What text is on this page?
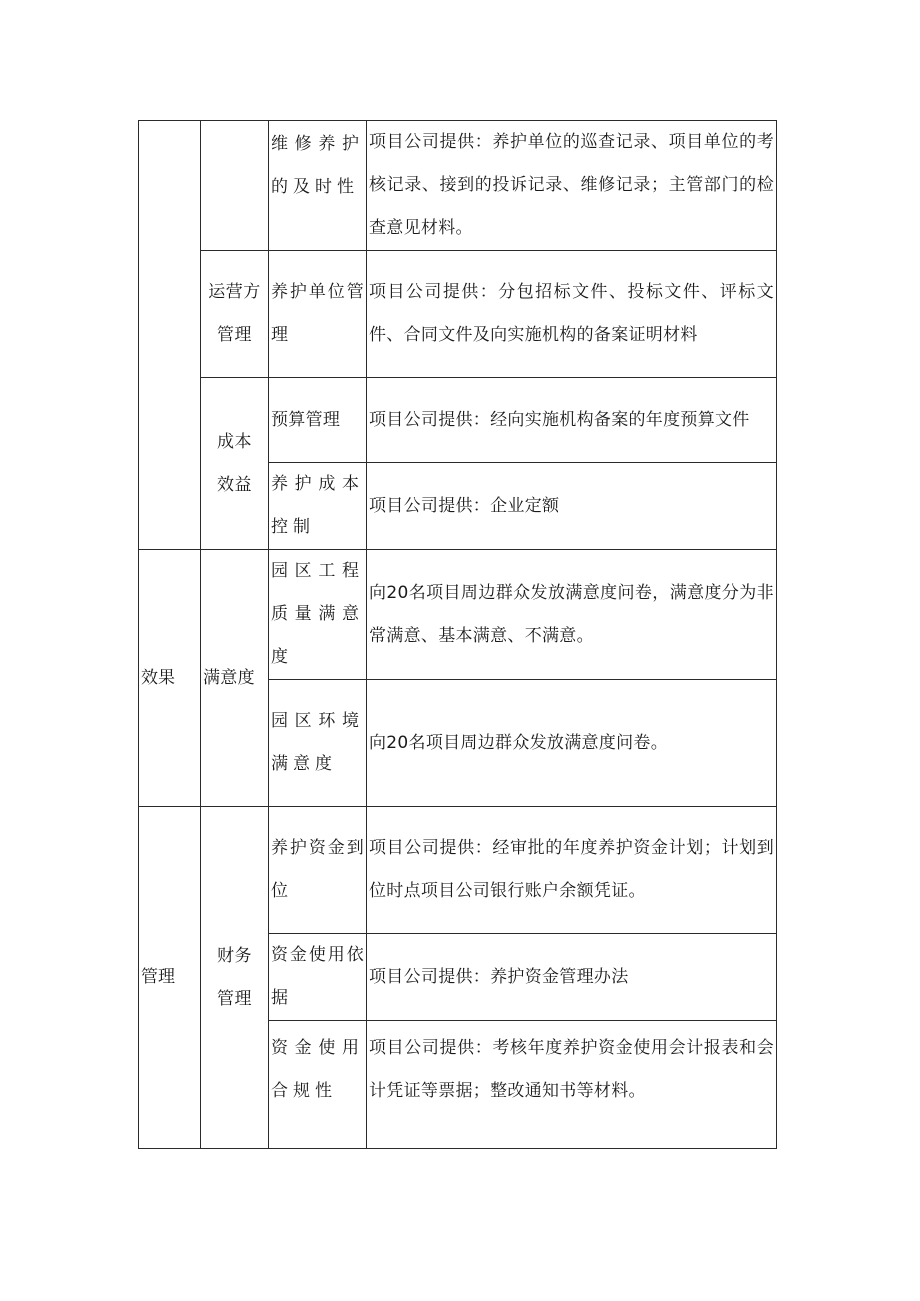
		维修养护的及时性	项目公司提供：养护单位的巡查记录、项目单位的考核记录、接到的投诉记录、维修记录；主管部门的检查意见材料。
	运营方管理	养护单位管理	项目公司提供：分包招标文件、投标文件、评标文件、合同文件及向实施机构的备案证明材料
	成本效益	预算管理	项目公司提供：经向实施机构备案的年度预算文件
		养护成本控制	项目公司提供：企业定额
效果	满意度	园区工程质量满意度	向20名项目周边群众发放满意度问卷，满意度分为非常满意、基本满意、不满意。
		园区环境满意度	向20名项目周边群众发放满意度问卷。
管理	财务管理	养护资金到位	项目公司提供：经审批的年度养护资金计划；计划到位时点项目公司银行账户余额凭证。
		资金使用依据	项目公司提供：养护资金管理办法
		资金使用合规性	项目公司提供：考核年度养护资金使用会计报表和会计凭证等票据；整改通知书等材料。
